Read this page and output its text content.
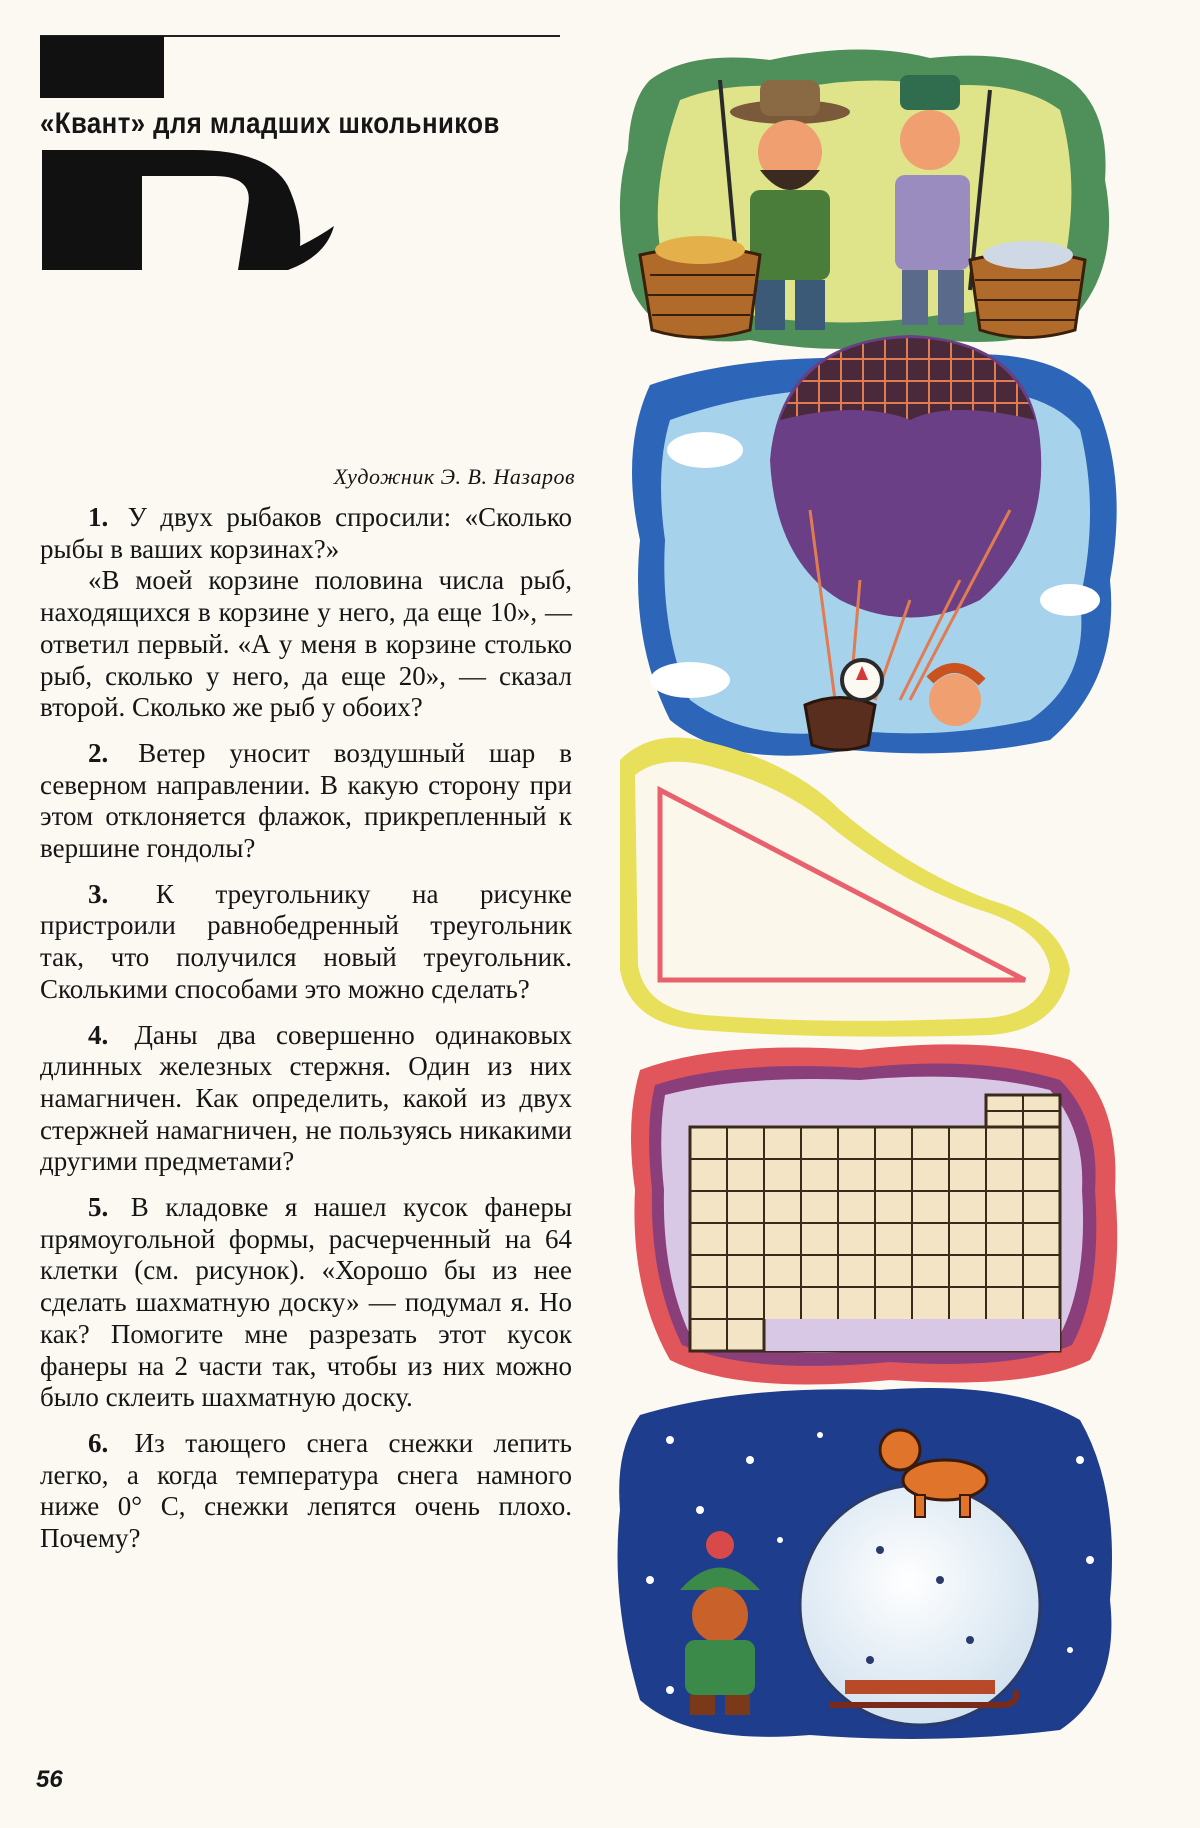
«Квант» для младших школьников
Художник Э. В. Назаров

1. У двух рыбаков спросили: «Сколько рыбы в ваших корзинах?»
«В моей корзине половина числа рыб, находящихся в корзине у него, да еще 10», — ответил первый. «А у меня в корзине столько рыб, сколько у него, да еще 20», — сказал второй. Сколько же рыб у обоих?

2. Ветер уносит воздушный шар в северном направлении. В какую сторону при этом отклоняется флажок, прикрепленный к вершине гондолы?

3. К треугольнику на рисунке пристроили равнобедренный треугольник так, что получился новый треугольник. Сколькими способами это можно сделать?

4. Даны два совершенно одинаковых длинных железных стержня. Один из них намагничен. Как определить, какой из двух стержней намагничен, не пользуясь никакими другими предметами?

5. В кладовке я нашел кусок фанеры прямоугольной формы, расчерченный на 64 клетки (см. рисунок). «Хорошо бы из нее сделать шахматную доску» — подумал я. Но как? Помогите мне разрезать этот кусок фанеры на 2 части так, чтобы из них можно было склеить шахматную доску.

6. Из тающего снега снежки лепить легко, а когда температура снега намного ниже 0° С, снежки лепятся очень плохо. Почему?

56
